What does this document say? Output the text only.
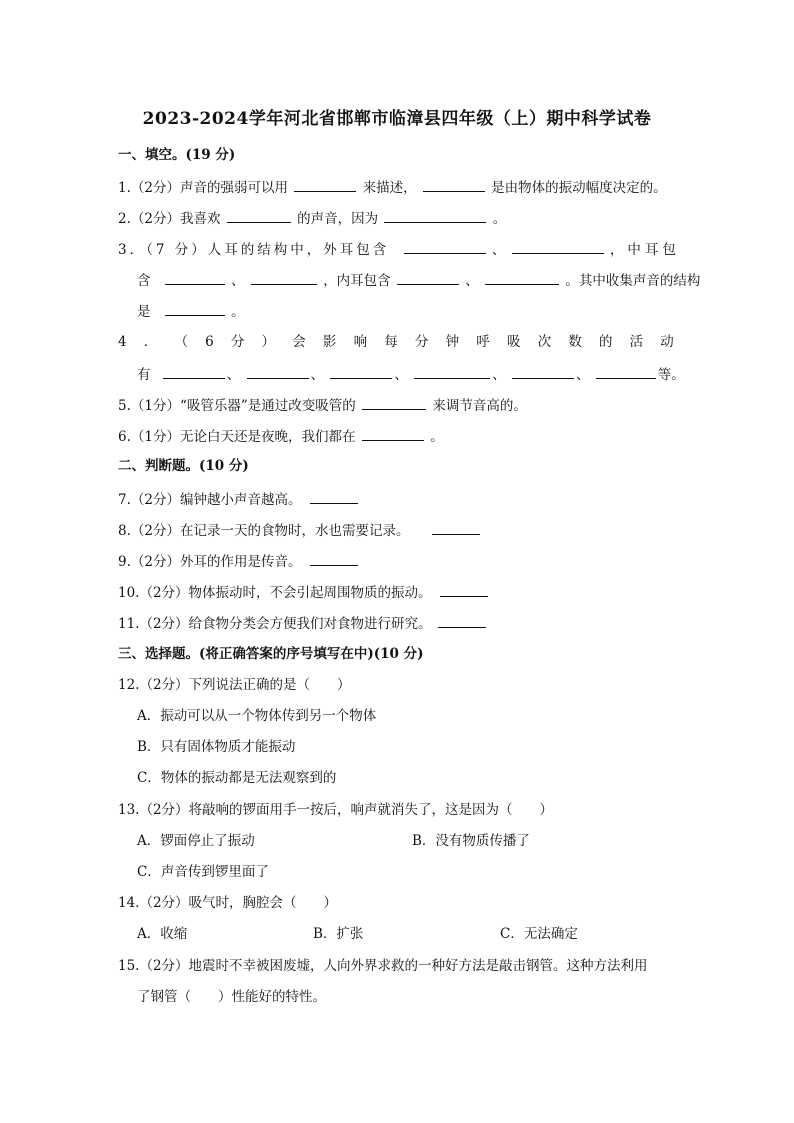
2023-2024学年河北省邯郸市临漳县四年级（上）期中科学试卷
一、填空。(19 分)
1.（2分）声音的强弱可以用	来描述，	是由物体的振动幅度决定的。
2.（2分）我喜欢	的声音，因为	。
3．（7 分）人耳的结构中，外耳包含	、	，中耳包
含	、	，内耳包含	、	。其中收集声音的结构
是	。
4 ． （ 6 分 ） 会 影 响 每 分 钟 呼 吸 次 数 的 活 动
有	、	、	、	、	、	等。
5.（1分）“吸管乐器”是通过改变吸管的	来调节音高的。
6.（1分）无论白天还是夜晚，我们都在	。
二、判断题。(10 分)
7.（2分）编钟越小声音越高。
8.（2分）在记录一天的食物时，水也需要记录。
9.（2分）外耳的作用是传音。
10.（2分）物体振动时，不会引起周围物质的振动。
11.（2分）给食物分类会方便我们对食物进行研究。
三、选择题。(将正确答案的序号填写在中)(10 分)
12.（2分）下列说法正确的是（　　）
A．振动可以从一个物体传到另一个物体
B．只有固体物质才能振动
C．物体的振动都是无法观察到的
13.（2分）将敲响的锣面用手一按后，响声就消失了，这是因为（　　）
A．锣面停止了振动	B．没有物质传播了
C．声音传到锣里面了
14.（2分）吸气时，胸腔会（　　）
A．收缩	B．扩张	C．无法确定
15.（2分）地震时不幸被困废墟，人向外界求救的一种好方法是敲击钢管。这种方法利用
了钢管（　　）性能好的特性。
